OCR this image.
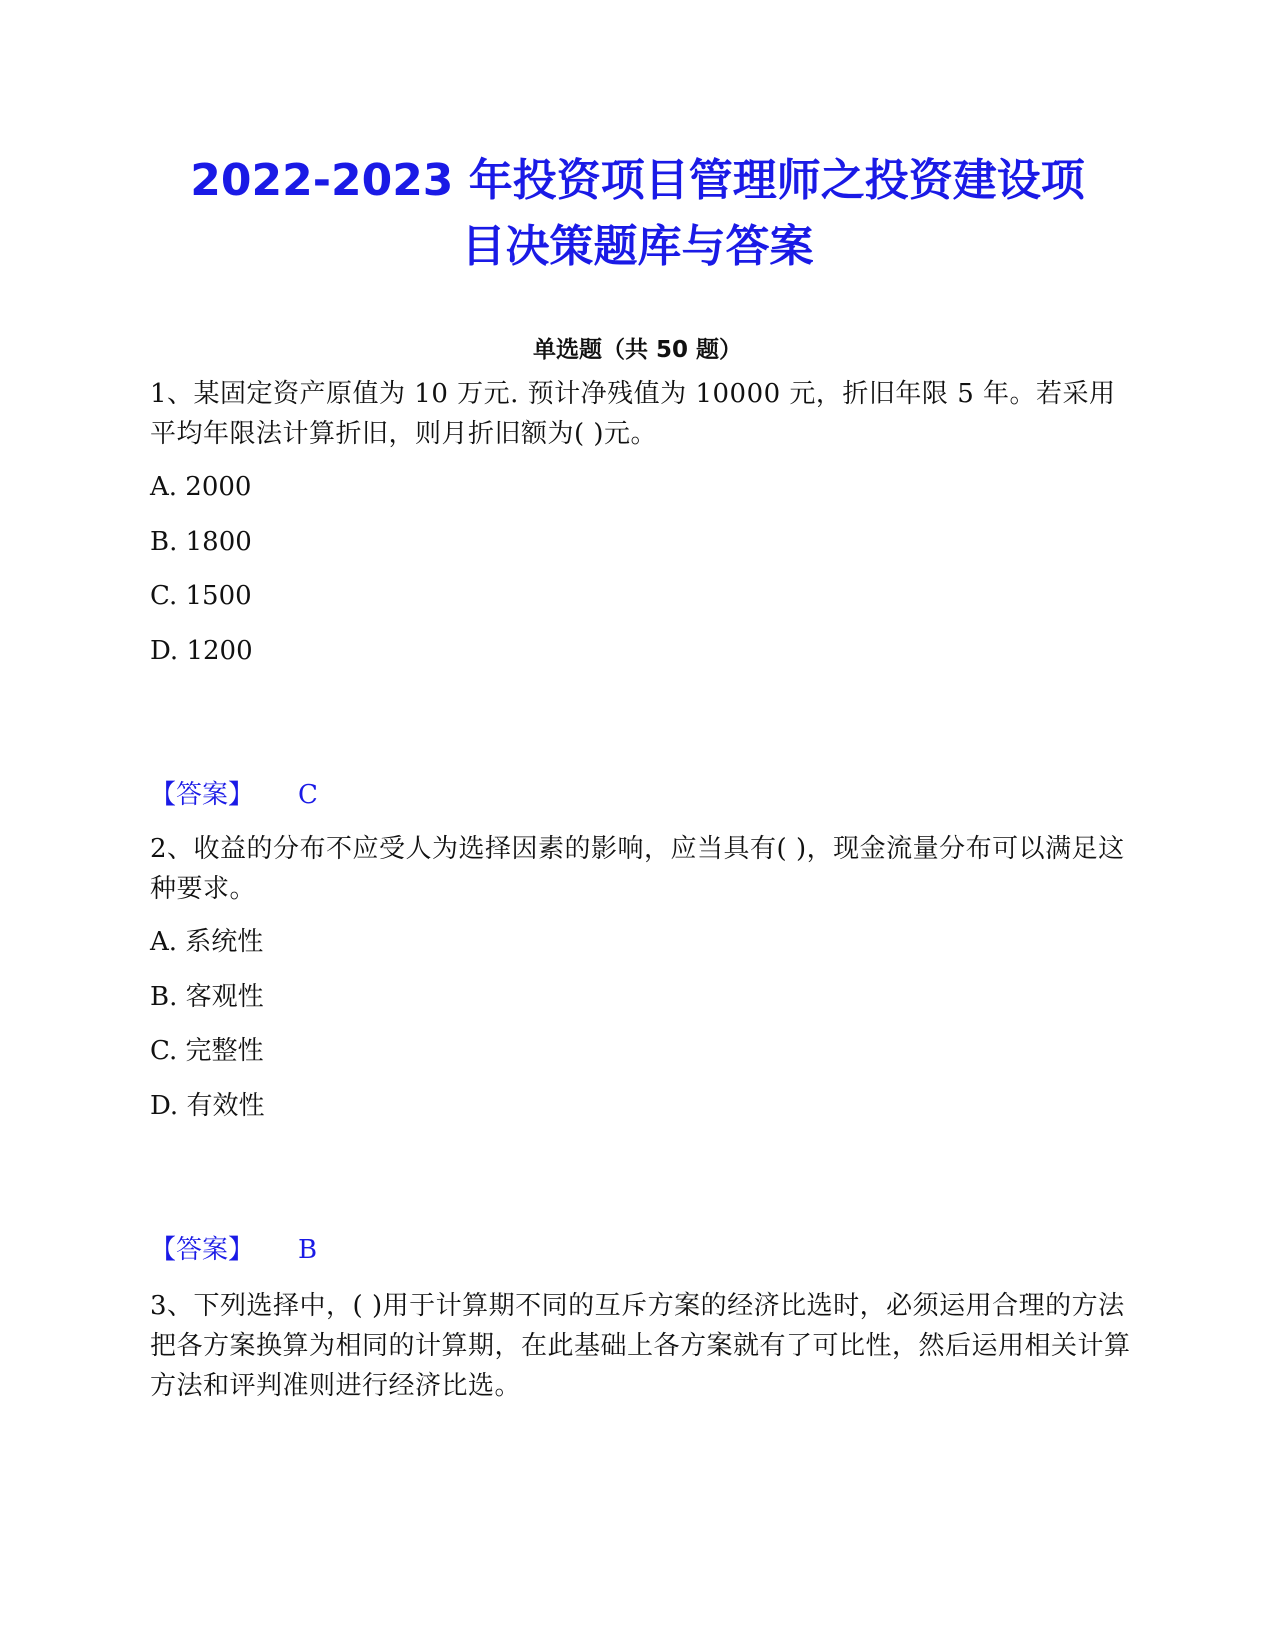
2022-2023 年投资项目管理师之投资建设项
目决策题库与答案
单选题（共 50 题）

1、某固定资产原值为 10 万元. 预计净残值为 10000 元，折旧年限 5 年。若采用平均年限法计算折旧，则月折旧额为( )元。

A. 2000

B. 1800

C. 1500

D. 1200

【答案】 C

2、收益的分布不应受人为选择因素的影响，应当具有( )，现金流量分布可以满足这种要求。

A. 系统性

B. 客观性

C. 完整性

D. 有效性

【答案】 B

3、下列选择中，( )用于计算期不同的互斥方案的经济比选时，必须运用合理的方法把各方案换算为相同的计算期，在此基础上各方案就有了可比性，然后运用相关计算方法和评判准则进行经济比选。
